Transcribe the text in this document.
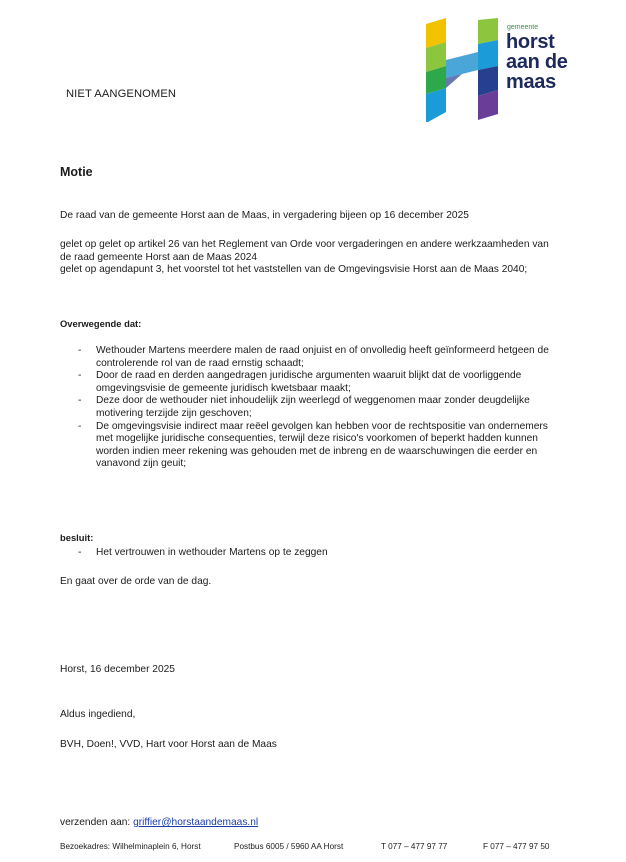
NIET AANGENOMEN
gemeente
horst
aan de
maas
Motie
De raad van de gemeente Horst aan de Maas, in vergadering bijeen op 16 december 2025
gelet op gelet op artikel 26 van het Reglement van Orde voor vergaderingen en andere werkzaamheden van de raad gemeente Horst aan de Maas 2024
gelet op agendapunt 3, het voorstel tot het vaststellen van de Omgevingsvisie Horst aan de Maas 2040;
Overwegende dat:
- Wethouder Martens meerdere malen de raad onjuist en of onvolledig heeft geïnformeerd hetgeen de controlerende rol van de raad ernstig schaadt;
- Door de raad en derden aangedragen juridische argumenten waaruit blijkt dat de voorliggende omgevingsvisie de gemeente juridisch kwetsbaar maakt;
- Deze door de wethouder niet inhoudelijk zijn weerlegd of weggenomen maar zonder deugdelijke motivering terzijde zijn geschoven;
- De omgevingsvisie indirect maar reëel gevolgen kan hebben voor de rechtspositie van ondernemers met mogelijke juridische consequenties, terwijl deze risico's voorkomen of beperkt hadden kunnen worden indien meer rekening was gehouden met de inbreng en de waarschuwingen die eerder en vanavond zijn geuit;
besluit:
- Het vertrouwen in wethouder Martens op te zeggen
En gaat over de orde van de dag.
Horst, 16 december 2025
Aldus ingediend,
BVH, Doen!, VVD, Hart voor Horst aan de Maas
verzenden aan: griffier@horstaandemaas.nl
Bezoekadres: Wilhelminaplein 6, Horst	Postbus 6005 / 5960 AA Horst	T 077 – 477 97 77	F 077 – 477 97 50
